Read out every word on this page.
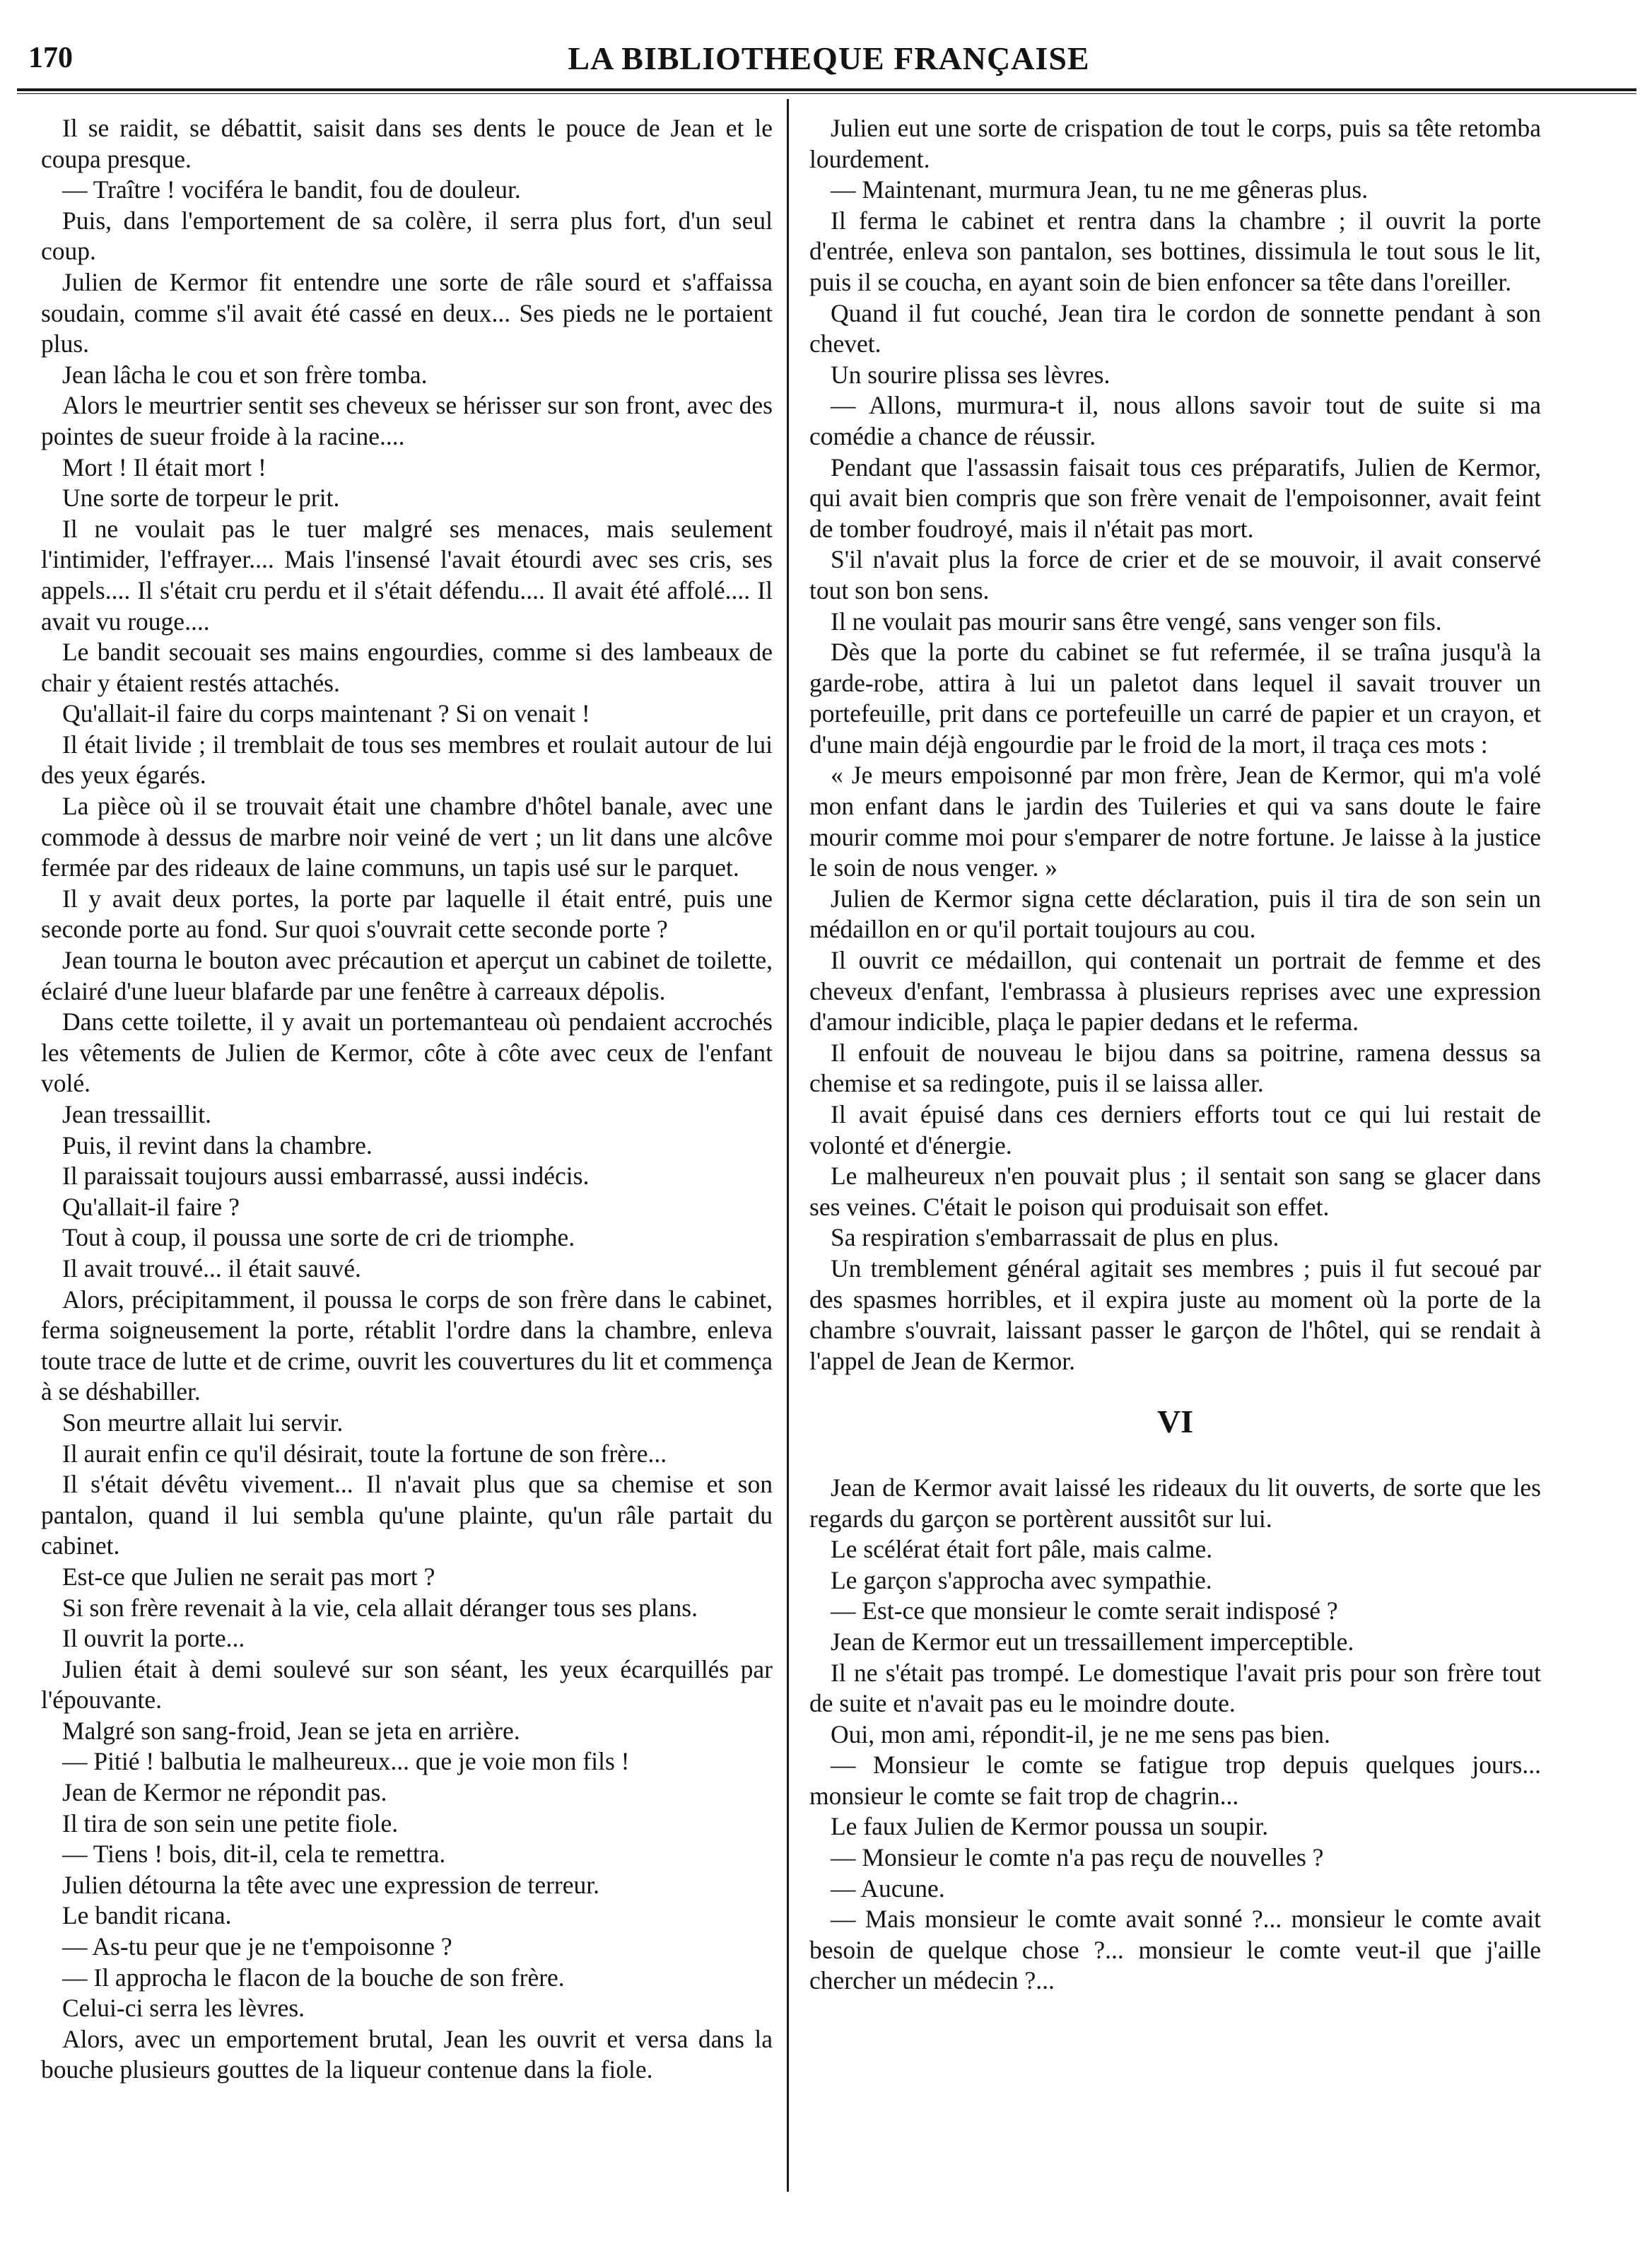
170	LA BIBLIOTHEQUE FRANÇAISE

Il se raidit, se débattit, saisit dans ses dents le pouce de Jean et le coupa presque.

— Traître ! vociféra le bandit, fou de douleur.

Puis, dans l'emportement de sa colère, il serra plus fort, d'un seul coup.

Julien de Kermor fit entendre une sorte de râle sourd et s'affaissa soudain, comme s'il avait été cassé en deux... Ses pieds ne le portaient plus.

Jean lâcha le cou et son frère tomba.

Alors le meurtrier sentit ses cheveux se hérisser sur son front, avec des pointes de sueur froide à la racine....

Mort ! Il était mort !

Une sorte de torpeur le prit.

Il ne voulait pas le tuer malgré ses menaces, mais seulement l'intimider, l'effrayer.... Mais l'insensé l'avait étourdi avec ses cris, ses appels.... Il s'était cru perdu et il s'était défendu.... Il avait été affolé.... Il avait vu rouge....

Le bandit secouait ses mains engourdies, comme si des lambeaux de chair y étaient restés attachés.

Qu'allait-il faire du corps maintenant ? Si on venait !

Il était livide ; il tremblait de tous ses membres et roulait autour de lui des yeux égarés.

La pièce où il se trouvait était une chambre d'hôtel banale, avec une commode à dessus de marbre noir veiné de vert ; un lit dans une alcôve fermée par des rideaux de laine communs, un tapis usé sur le parquet.

Il y avait deux portes, la porte par laquelle il était entré, puis une seconde porte au fond. Sur quoi s'ouvrait cette seconde porte ?

Jean tourna le bouton avec précaution et aperçut un cabinet de toilette, éclairé d'une lueur blafarde par une fenêtre à carreaux dépolis.

Dans cette toilette, il y avait un portemanteau où pendaient accrochés les vêtements de Julien de Kermor, côte à côte avec ceux de l'enfant volé.

Jean tressaillit.

Puis, il revint dans la chambre.

Il paraissait toujours aussi embarrassé, aussi indécis.

Qu'allait-il faire ?

Tout à coup, il poussa une sorte de cri de triomphe.

Il avait trouvé... il était sauvé.

Alors, précipitamment, il poussa le corps de son frère dans le cabinet, ferma soigneusement la porte, rétablit l'ordre dans la chambre, enleva toute trace de lutte et de crime, ouvrit les couvertures du lit et commença à se déshabiller.

Son meurtre allait lui servir.

Il aurait enfin ce qu'il désirait, toute la fortune de son frère...

Il s'était dévêtu vivement... Il n'avait plus que sa chemise et son pantalon, quand il lui sembla qu'une plainte, qu'un râle partait du cabinet.

Est-ce que Julien ne serait pas mort ?

Si son frère revenait à la vie, cela allait déranger tous ses plans.

Il ouvrit la porte...

Julien était à demi soulevé sur son séant, les yeux écarquillés par l'épouvante.

Malgré son sang-froid, Jean se jeta en arrière.

— Pitié ! balbutia le malheureux... que je voie mon fils !

Jean de Kermor ne répondit pas.

Il tira de son sein une petite fiole.

— Tiens ! bois, dit-il, cela te remettra.

Julien détourna la tête avec une expression de terreur.

Le bandit ricana.

— As-tu peur que je ne t'empoisonne ?

— Il approcha le flacon de la bouche de son frère.

Celui-ci serra les lèvres.

Alors, avec un emportement brutal, Jean les ouvrit et versa dans la bouche plusieurs gouttes de la liqueur contenue dans la fiole.

Julien eut une sorte de crispation de tout le corps, puis sa tête retomba lourdement.

— Maintenant, murmura Jean, tu ne me gêneras plus.

Il ferma le cabinet et rentra dans la chambre ; il ouvrit la porte d'entrée, enleva son pantalon, ses bottines, dissimula le tout sous le lit, puis il se coucha, en ayant soin de bien enfoncer sa tête dans l'oreiller.

Quand il fut couché, Jean tira le cordon de sonnette pendant à son chevet.

Un sourire plissa ses lèvres.

— Allons, murmura-t il, nous allons savoir tout de suite si ma comédie a chance de réussir.

Pendant que l'assassin faisait tous ces préparatifs, Julien de Kermor, qui avait bien compris que son frère venait de l'empoisonner, avait feint de tomber foudroyé, mais il n'était pas mort.

S'il n'avait plus la force de crier et de se mouvoir, il avait conservé tout son bon sens.

Il ne voulait pas mourir sans être vengé, sans venger son fils.

Dès que la porte du cabinet se fut refermée, il se traîna jusqu'à la garde-robe, attira à lui un paletot dans lequel il savait trouver un portefeuille, prit dans ce portefeuille un carré de papier et un crayon, et d'une main déjà engourdie par le froid de la mort, il traça ces mots :

« Je meurs empoisonné par mon frère, Jean de Kermor, qui m'a volé mon enfant dans le jardin des Tuileries et qui va sans doute le faire mourir comme moi pour s'emparer de notre fortune. Je laisse à la justice le soin de nous venger. »

Julien de Kermor signa cette déclaration, puis il tira de son sein un médaillon en or qu'il portait toujours au cou.

Il ouvrit ce médaillon, qui contenait un portrait de femme et des cheveux d'enfant, l'embrassa à plusieurs reprises avec une expression d'amour indicible, plaça le papier dedans et le referma.

Il enfouit de nouveau le bijou dans sa poitrine, ramena dessus sa chemise et sa redingote, puis il se laissa aller.

Il avait épuisé dans ces derniers efforts tout ce qui lui restait de volonté et d'énergie.

Le malheureux n'en pouvait plus ; il sentait son sang se glacer dans ses veines. C'était le poison qui produisait son effet.

Sa respiration s'embarrassait de plus en plus.

Un tremblement général agitait ses membres ; puis il fut secoué par des spasmes horribles, et il expira juste au moment où la porte de la chambre s'ouvrait, laissant passer le garçon de l'hôtel, qui se rendait à l'appel de Jean de Kermor.

VI

Jean de Kermor avait laissé les rideaux du lit ouverts, de sorte que les regards du garçon se portèrent aussitôt sur lui.

Le scélérat était fort pâle, mais calme.

Le garçon s'approcha avec sympathie.

— Est-ce que monsieur le comte serait indisposé ?

Jean de Kermor eut un tressaillement imperceptible.

Il ne s'était pas trompé. Le domestique l'avait pris pour son frère tout de suite et n'avait pas eu le moindre doute.

Oui, mon ami, répondit-il, je ne me sens pas bien.

— Monsieur le comte se fatigue trop depuis quelques jours... monsieur le comte se fait trop de chagrin...

Le faux Julien de Kermor poussa un soupir.

— Monsieur le comte n'a pas reçu de nouvelles ?

— Aucune.

— Mais monsieur le comte avait sonné ?... monsieur le comte avait besoin de quelque chose ?... monsieur le comte veut-il que j'aille chercher un médecin ?...
